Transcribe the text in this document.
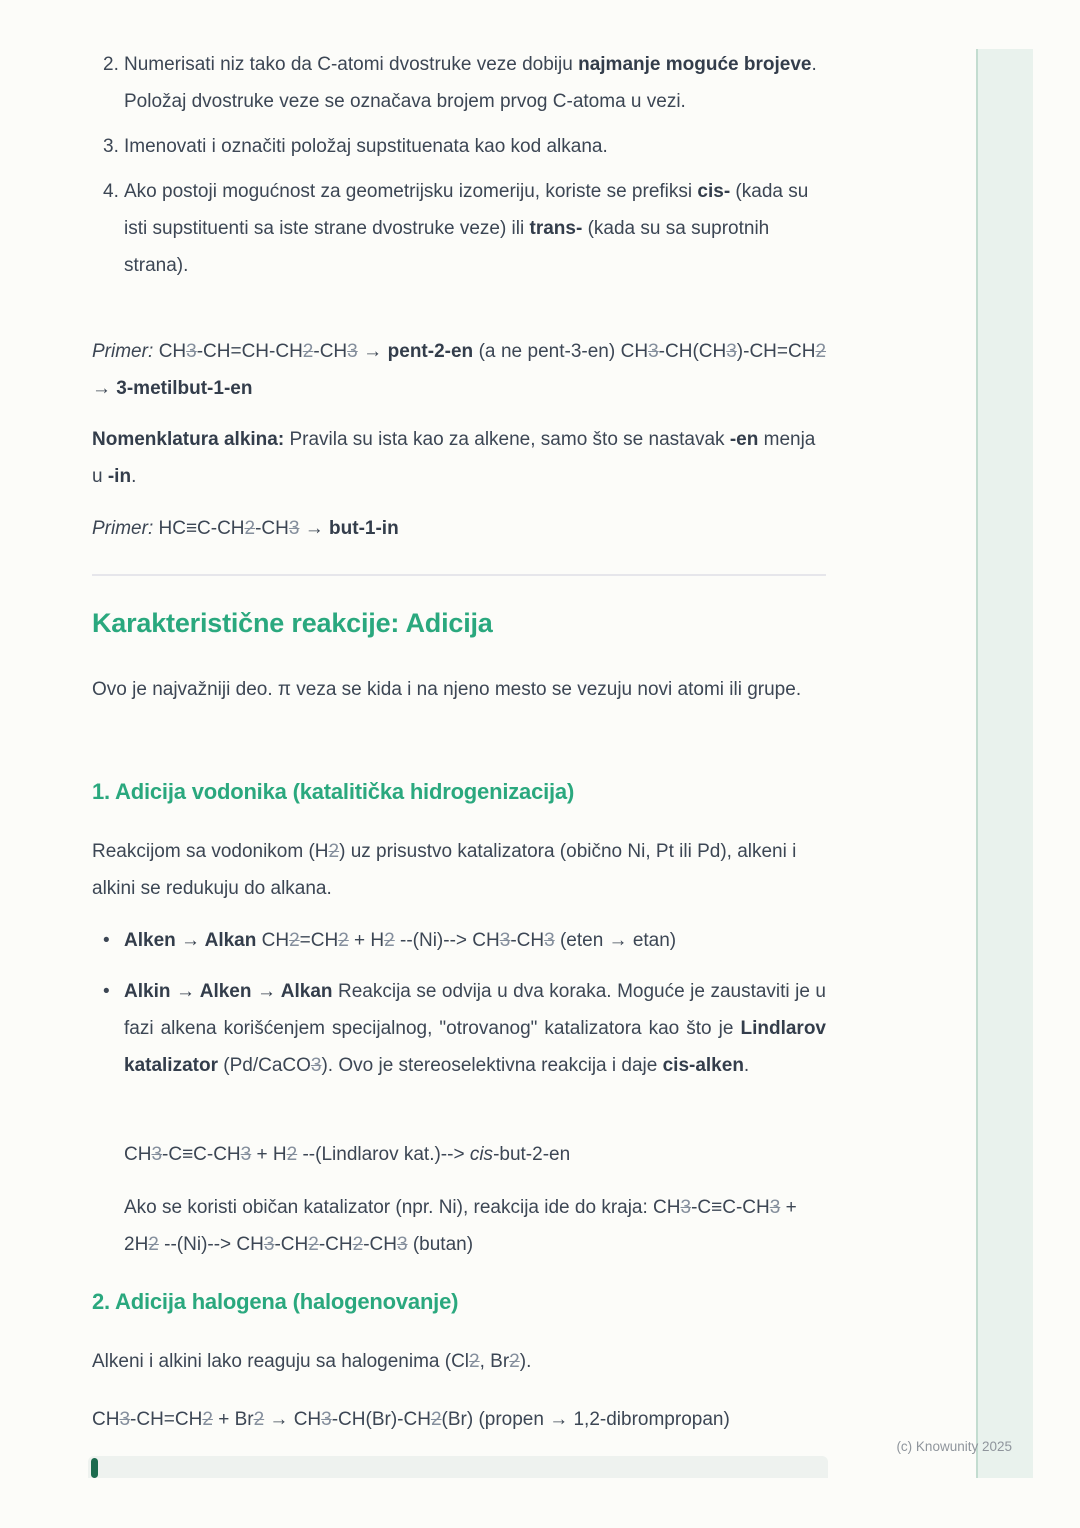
2. Numerisati niz tako da C-atomi dvostruke veze dobiju najmanje moguće brojeve. Položaj dvostruke veze se označava brojem prvog C-atoma u vezi.
3. Imenovati i označiti položaj supstituenata kao kod alkana.
4. Ako postoji mogućnost za geometrijsku izomeriju, koriste se prefiksi cis- (kada su isti supstituenti sa iste strane dvostruke veze) ili trans- (kada su sa suprotnih strana).
Primer: CH3-CH=CH-CH2-CH3 → pent-2-en (a ne pent-3-en) CH3-CH(CH3)-CH=CH2 → 3-metilbut-1-en
Nomenklatura alkina: Pravila su ista kao za alkene, samo što se nastavak -en menja u -in.
Primer: HC≡C-CH2-CH3 → but-1-in
Karakteristične reakcije: Adicija
Ovo je najvažniji deo. π veza se kida i na njeno mesto se vezuju novi atomi ili grupe.
1. Adicija vodonika (katalitička hidrogenizacija)
Reakcijom sa vodonikom (H2) uz prisustvo katalizatora (obično Ni, Pt ili Pd), alkeni i alkini se redukuju do alkana.
• Alken → Alkan CH2=CH2 + H2 --(Ni)--> CH3-CH3 (eten → etan)
• Alkin → Alken → Alkan Reakcija se odvija u dva koraka. Moguće je zaustaviti je u fazi alkena korišćenjem specijalnog, "otrovanog" katalizatora kao što je Lindlarov katalizator (Pd/CaCO3). Ovo je stereoselektivna reakcija i daje cis-alken.
CH3-C≡C-CH3 + H2 --(Lindlarov kat.)--> cis-but-2-en
Ako se koristi običan katalizator (npr. Ni), reakcija ide do kraja: CH3-C≡C-CH3 + 2H2 --(Ni)--> CH3-CH2-CH2-CH3 (butan)
2. Adicija halogena (halogenovanje)
Alkeni i alkini lako reaguju sa halogenima (Cl2, Br2).
CH3-CH=CH2 + Br2 → CH3-CH(Br)-CH2(Br) (propen → 1,2-dibrompropan)
(c) Knowunity 2025
